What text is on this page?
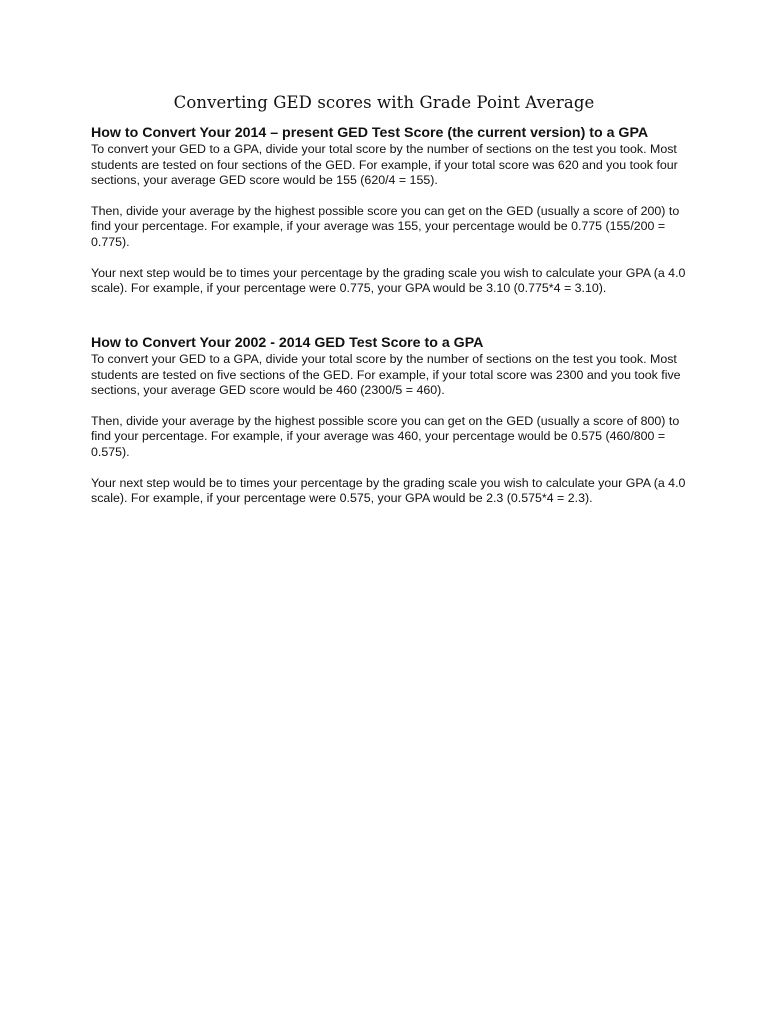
Converting GED scores with Grade Point Average
How to Convert Your 2014 – present GED Test Score (the current version) to a GPA

To convert your GED to a GPA, divide your total score by the number of sections on the test you took. Most students are tested on four sections of the GED. For example, if your total score was 620 and you took four sections, your average GED score would be 155 (620/4 = 155).

Then, divide your average by the highest possible score you can get on the GED (usually a score of 200) to find your percentage. For example, if your average was 155, your percentage would be 0.775 (155/200 = 0.775).

Your next step would be to times your percentage by the grading scale you wish to calculate your GPA (a 4.0 scale). For example, if your percentage were 0.775, your GPA would be 3.10 (0.775*4 = 3.10).

How to Convert Your 2002 - 2014 GED Test Score to a GPA

To convert your GED to a GPA, divide your total score by the number of sections on the test you took. Most students are tested on five sections of the GED. For example, if your total score was 2300 and you took five sections, your average GED score would be 460 (2300/5 = 460).

Then, divide your average by the highest possible score you can get on the GED (usually a score of 800) to find your percentage. For example, if your average was 460, your percentage would be 0.575 (460/800 = 0.575).

Your next step would be to times your percentage by the grading scale you wish to calculate your GPA (a 4.0 scale). For example, if your percentage were 0.575, your GPA would be 2.3 (0.575*4 = 2.3).
